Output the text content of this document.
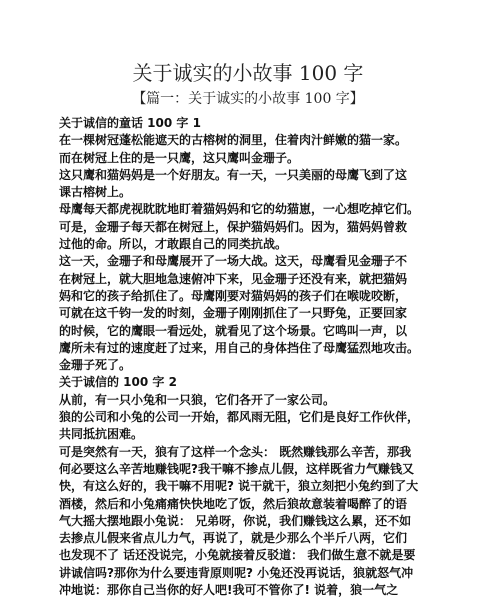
关于诚实的小故事 100 字
【篇一：关于诚实的小故事 100 字】
关于诚信的童话 100 字 1
在一棵树冠蓬松能遮天的古榕树的洞里，住着肉汁鲜嫩的猫一家。
而在树冠上住的是一只鹰，这只鹰叫金珊子。
这只鹰和猫妈妈是一个好朋友。有一天，一只美丽的母鹰飞到了这
课古榕树上。
母鹰每天都虎视眈眈地盯着猫妈妈和它的幼猫崽，一心想吃掉它们。
可是，金珊子每天都在树冠上，保护猫妈妈们。因为，猫妈妈曾救
过他的命。所以，才敢跟自己的同类抗战。
这一天，金珊子和母鹰展开了一场大战。这天，母鹰看见金珊子不
在树冠上，就大胆地急速俯冲下来，见金珊子还没有来，就把猫妈
妈和它的孩子给抓住了。母鹰刚要对猫妈妈的孩子们在喉咙咬断，
可就在这千钧一发的时刻，金珊子刚刚抓住了一只野兔，正要回家
的时候，它的鹰眼一看远处，就看见了这个场景。它鸣叫一声，以
鹰所未有过的速度赶了过来，用自己的身体挡住了母鹰猛烈地攻击。
金珊子死了。
关于诚信的 100 字 2
从前，有一只小兔和一只狼，它们各开了一家公司。
狼的公司和小兔的公司一开始，都风雨无阻，它们是良好工作伙伴，
共同抵抗困难。
可是突然有一天，狼有了这样一个念头： 既然赚钱那么辛苦，那我
何必要这么辛苦地赚钱呢?我干嘛不掺点儿假，这样既省力气赚钱又
快，有这么好的，我干嘛不用呢? 说干就干，狼立刻把小兔约到了大
酒楼，然后和小兔痛痛快快地吃了饭，然后狼故意装着喝醉了的语
气大摇大摆地跟小兔说： 兄弟呀，你说，我们赚钱这么累，还不如
去掺点儿假来省点儿力气，再说了，就是少那么个半斤八两，它们
也发现不了 话还没说完，小兔就接着反驳道： 我们做生意不就是要
讲诚信吗?那你为什么要违背原则呢? 小兔还没再说话，狼就怒气冲
冲地说：那你自己当你的好人吧!我可不管你了! 说着，狼一气之
